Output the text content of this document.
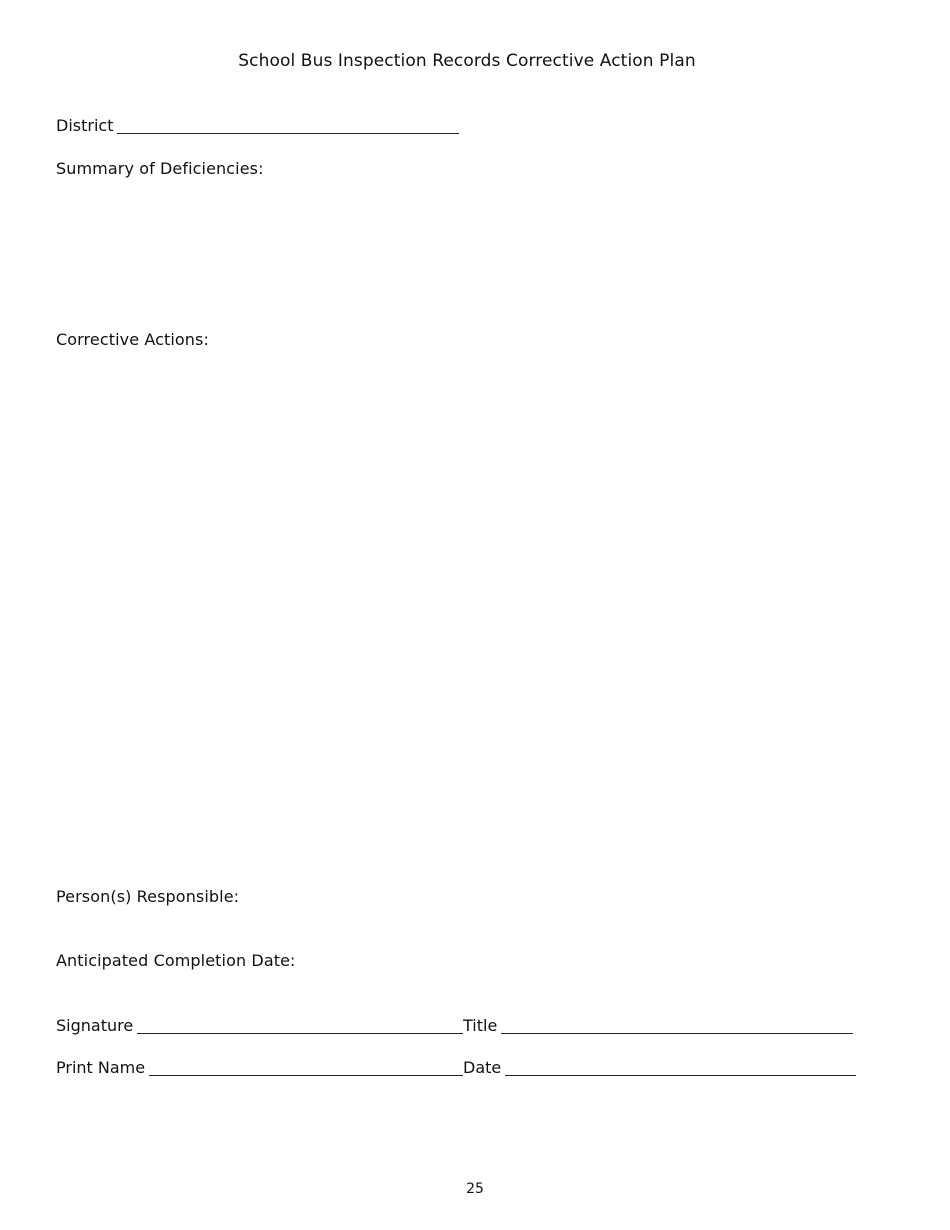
School Bus Inspection Records Corrective Action Plan
District
Summary of Deficiencies:
Corrective Actions:
Person(s) Responsible:
Anticipated Completion Date:
Signature	Title
Print Name	Date
25
